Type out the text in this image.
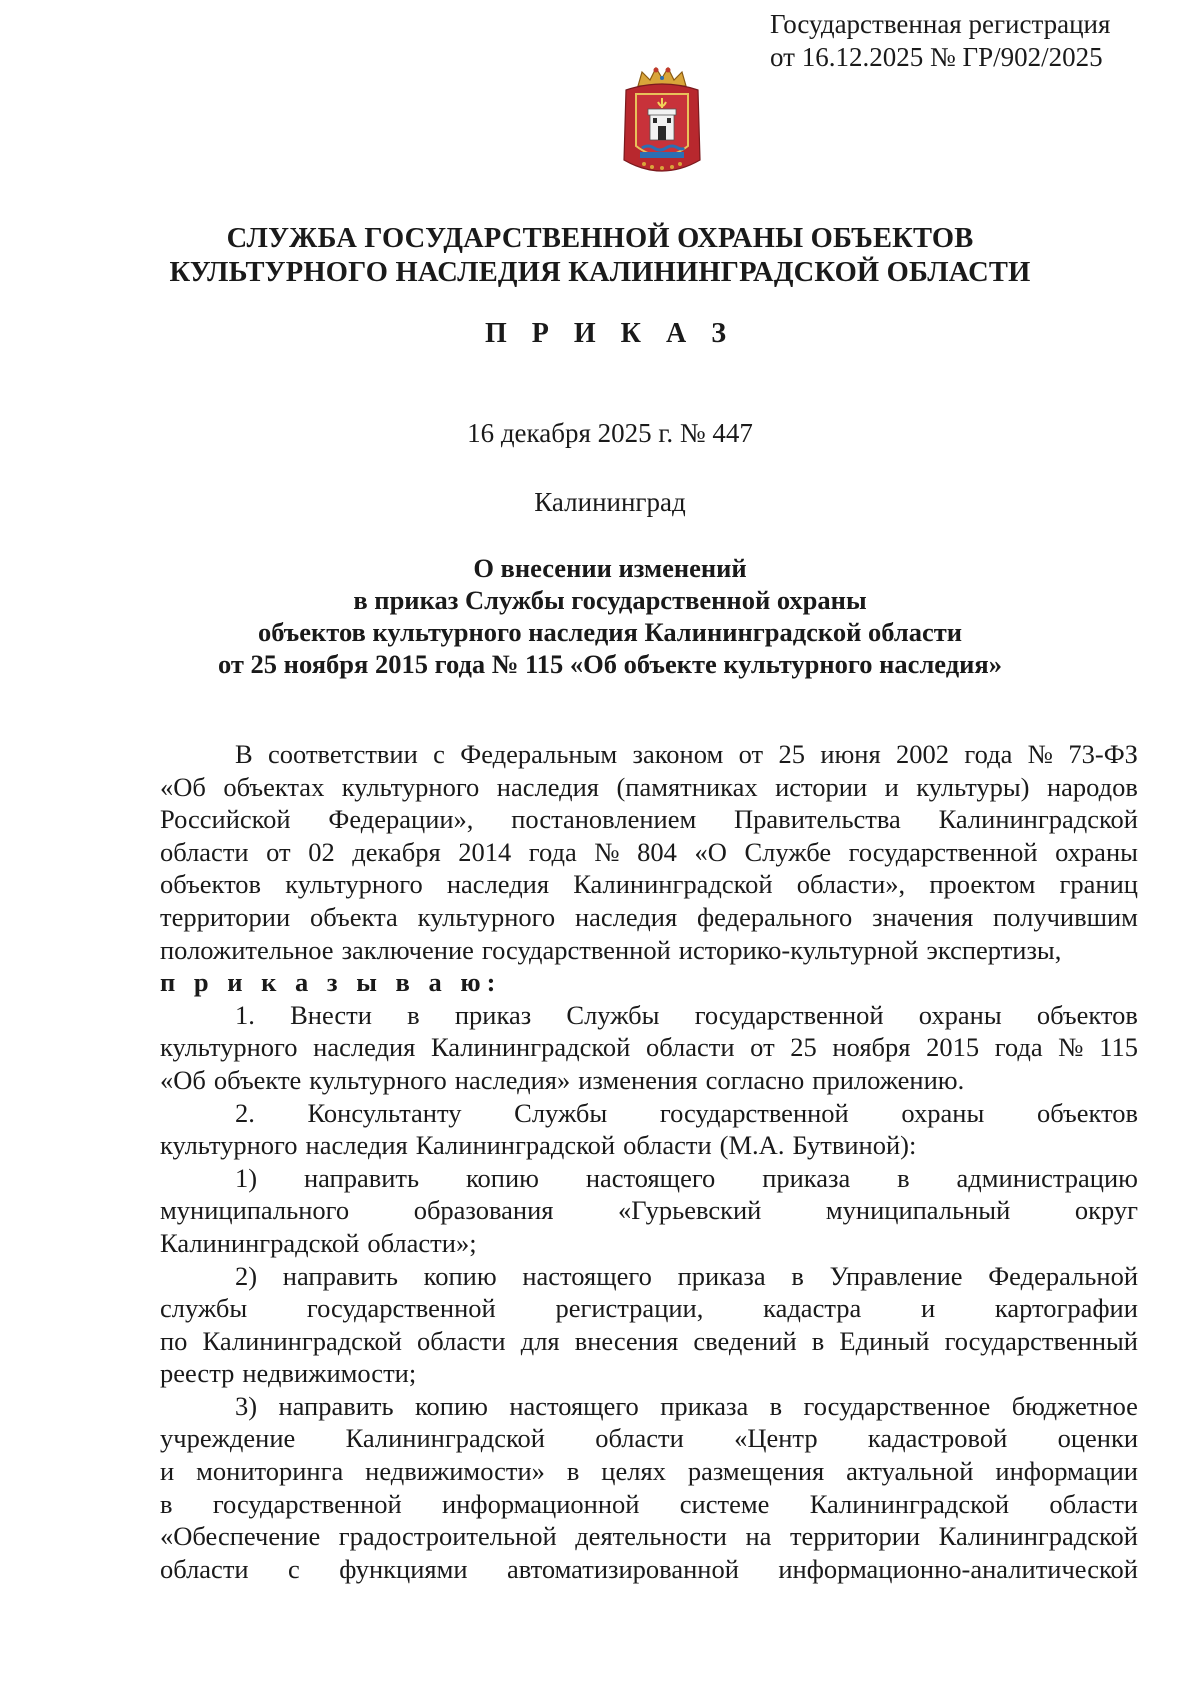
Государственная регистрация
от 16.12.2025 № ГР/902/2025
СЛУЖБА ГОСУДАРСТВЕННОЙ ОХРАНЫ ОБЪЕКТОВ
КУЛЬТУРНОГО НАСЛЕДИЯ КАЛИНИНГРАДСКОЙ ОБЛАСТИ
П Р И К А З
16 декабря 2025 г. № 447
Калининград
О внесении изменений
в приказ Службы государственной охраны
объектов культурного наследия Калининградской области
от 25 ноября 2015 года № 115 «Об объекте культурного наследия»
В соответствии с Федеральным законом от 25 июня 2002 года № 73-ФЗ
«Об объектах культурного наследия (памятниках истории и культуры) народов
Российской Федерации», постановлением Правительства Калининградской
области от 02 декабря 2014 года № 804 «О Службе государственной охраны
объектов культурного наследия Калининградской области», проектом границ
территории объекта культурного наследия федерального значения получившим
положительное заключение государственной историко-культурной экспертизы,
п р и к а з ы в а ю:
1. Внести в приказ Службы государственной охраны объектов
культурного наследия Калининградской области от 25 ноября 2015 года № 115
«Об объекте культурного наследия» изменения согласно приложению.
2. Консультанту Службы государственной охраны объектов
культурного наследия Калининградской области (М.А. Бутвиной):
1) направить копию настоящего приказа в администрацию
муниципального образования «Гурьевский муниципальный округ
Калининградской области»;
2) направить копию настоящего приказа в Управление Федеральной
службы государственной регистрации, кадастра и картографии
по Калининградской области для внесения сведений в Единый государственный
реестр недвижимости;
3) направить копию настоящего приказа в государственное бюджетное
учреждение Калининградской области «Центр кадастровой оценки
и мониторинга недвижимости» в целях размещения актуальной информации
в государственной информационной системе Калининградской области
«Обеспечение градостроительной деятельности на территории Калининградской
области с функциями автоматизированной информационно-аналитической
